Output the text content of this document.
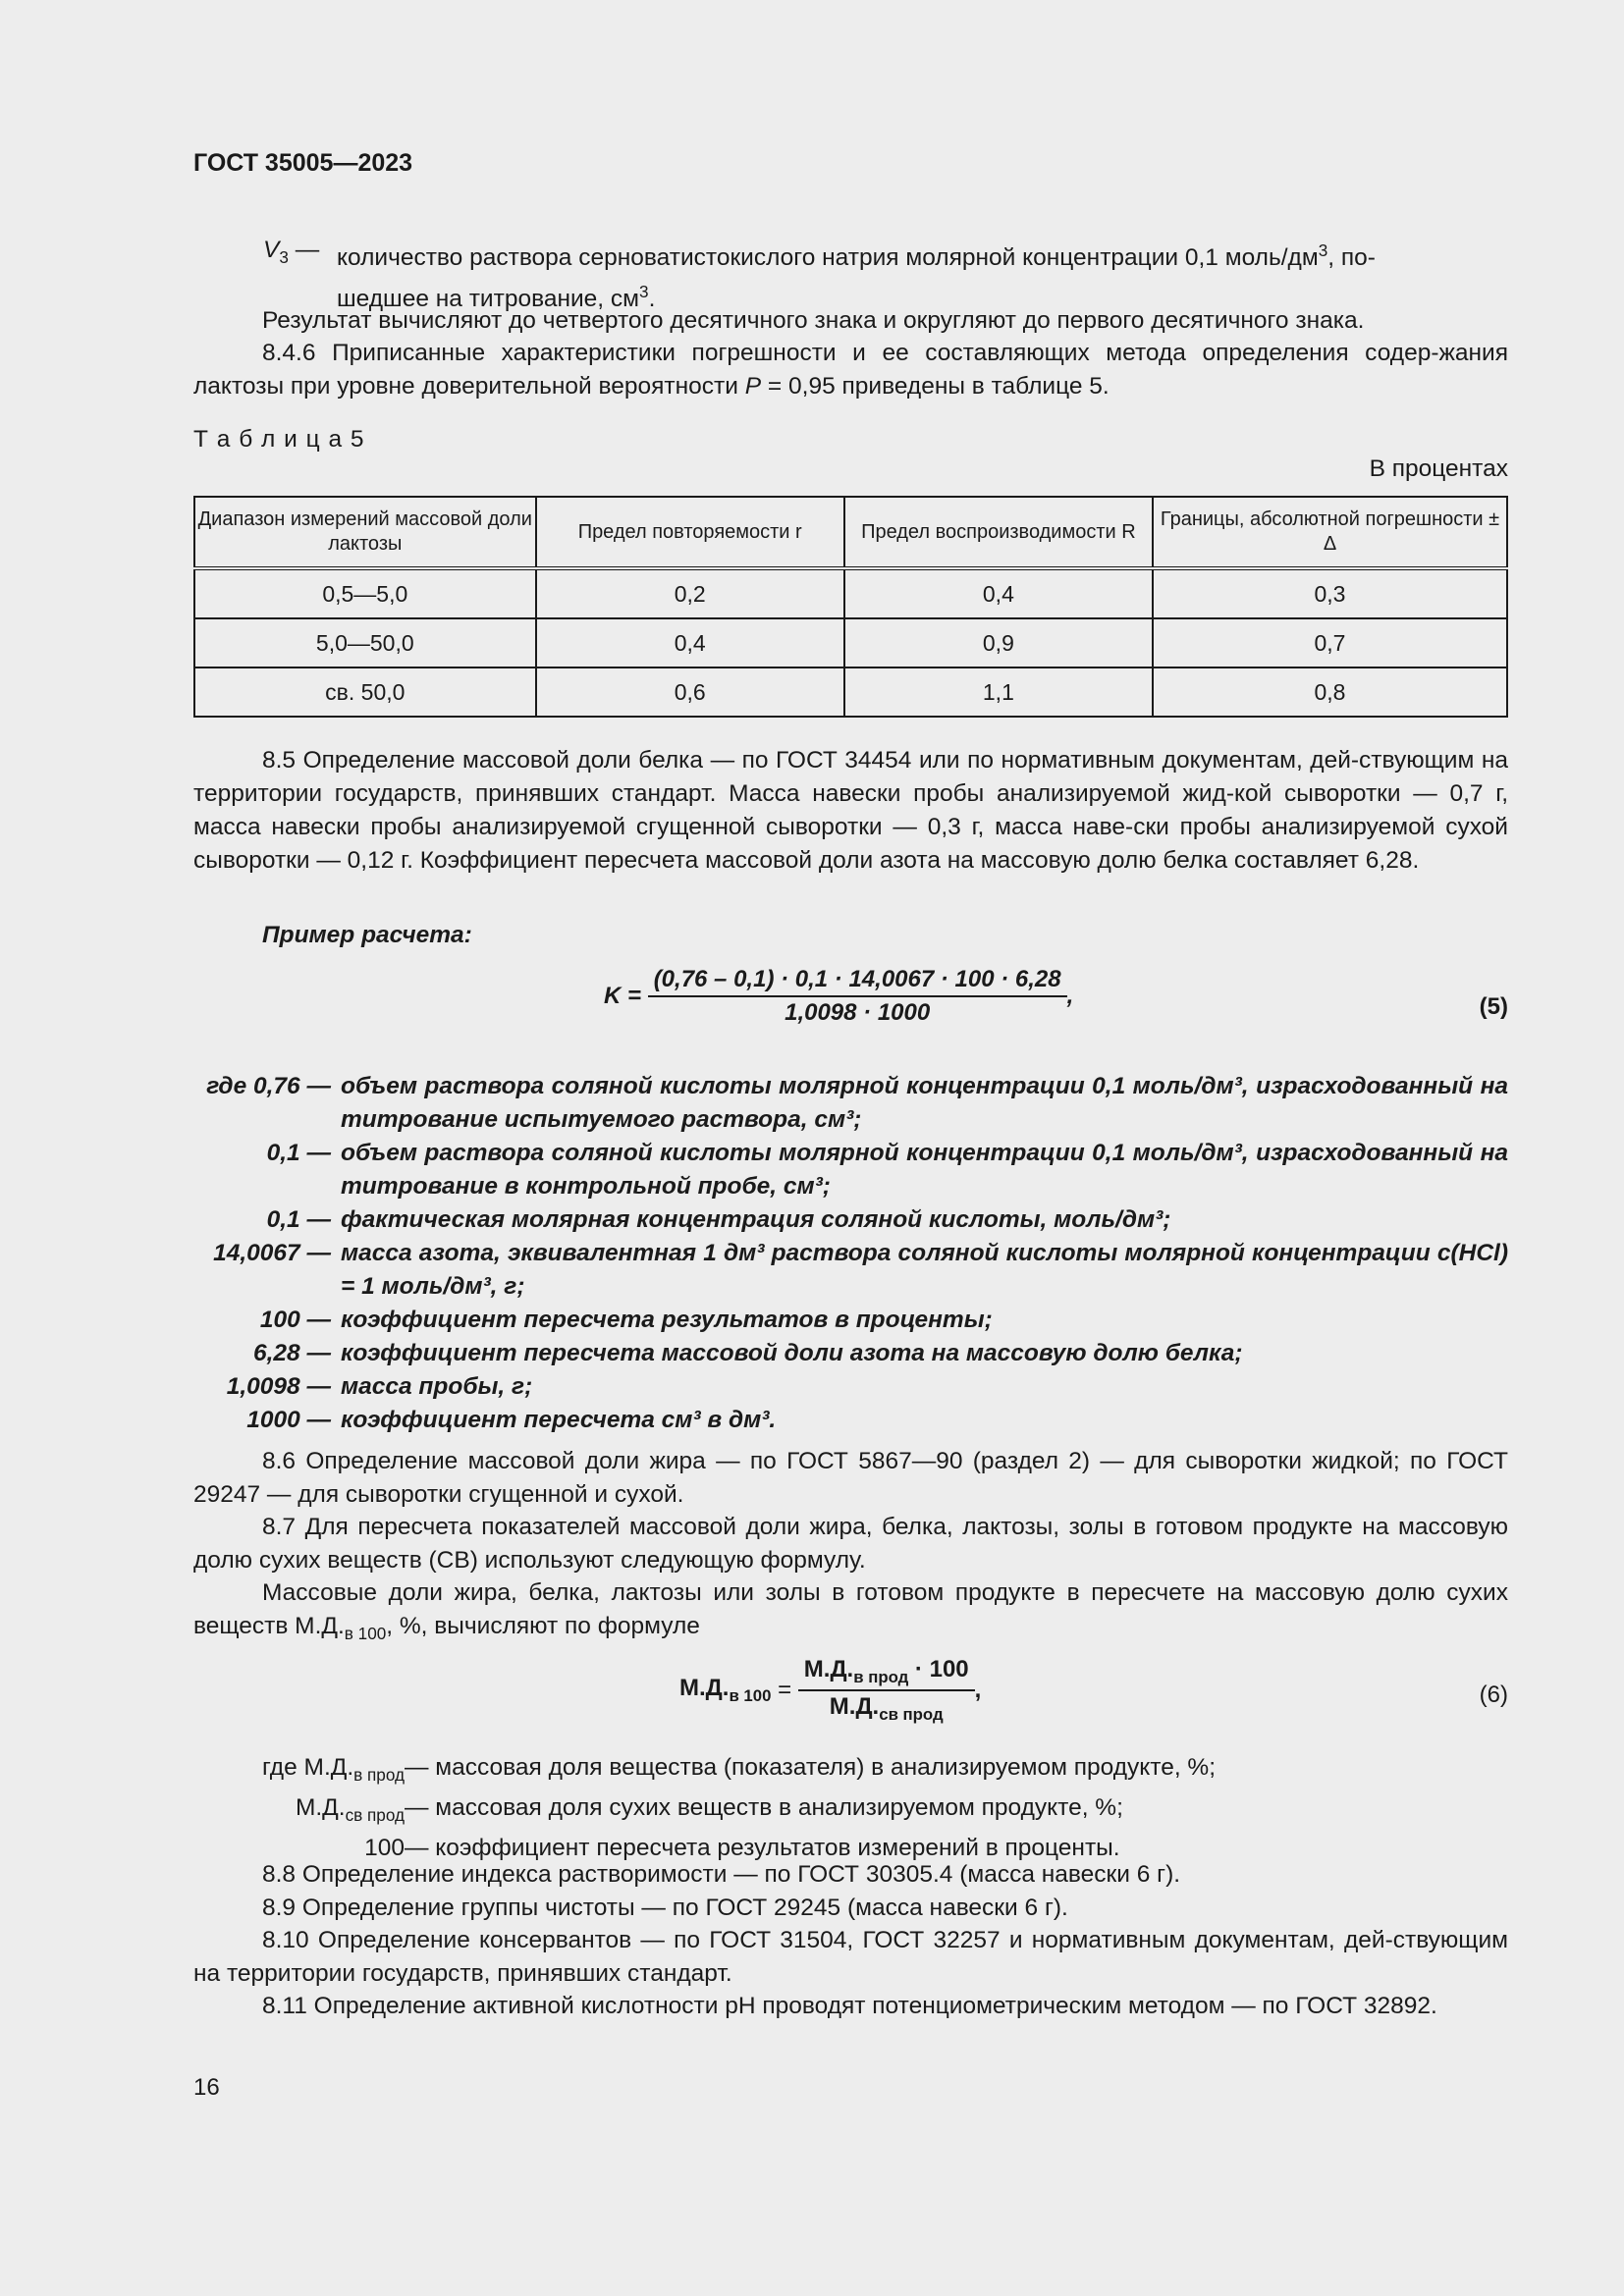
ГОСТ 35005—2023
$V_3$ — количество раствора серноватистокислого натрия молярной концентрации 0,1 моль/$дм^3$, по-
шедшее на титрование, $см^3$.
Результат вычисляют до четвертого десятичного знака и округляют до первого десятичного знака.
8.4.6 Приписанные характеристики погрешности и ее составляющих метода определения содер-жания лактозы при уровне доверительной вероятности P = 0,95 приведены в таблице 5.
Т а б л и ц а 5
В процентах
Диапазон измерений массовой доли лактозы	Предел повторяемости r	Предел воспроизводимости R	Границы, абсолютной погрешности ± Δ
0,5—5,0	0,2	0,4	0,3
5,0—50,0	0,4	0,9	0,7
св. 50,0	0,6	1,1	0,8
8.5 Определение массовой доли белка — по ГОСТ 34454 или по нормативным документам, дей-ствующим на территории государств, принявших стандарт. Масса навески пробы анализируемой жид-кой сыворотки — 0,7 г, масса навески пробы анализируемой сгущенной сыворотки — 0,3 г, масса наве-ски пробы анализируемой сухой сыворотки — 0,12 г. Коэффициент пересчета массовой доли азота на массовую долю белка составляет 6,28.
Пример расчета:
$K = \frac{(0,76 - 0,1) \cdot 0,1 \cdot 14,0067 \cdot 100 \cdot 6,28}{1,0098 \cdot 1000}$ ,	(5)
где 0,76 — объем раствора соляной кислоты молярной концентрации 0,1 моль/дм³, израсходованный на титрование испытуемого раствора, см³;
0,1 — объем раствора соляной кислоты молярной концентрации 0,1 моль/дм³, израсходованный на титрование в контрольной пробе, см³;
0,1 — фактическая молярная концентрация соляной кислоты, моль/дм³;
14,0067 — масса азота, эквивалентная 1 дм³ раствора соляной кислоты молярной концентрации c(HCl) = 1 моль/дм³, г;
100 — коэффициент пересчета результатов в проценты;
6,28 — коэффициент пересчета массовой доли азота на массовую долю белка;
1,0098 — масса пробы, г;
1000 — коэффициент пересчета см³ в дм³.
8.6 Определение массовой доли жира — по ГОСТ 5867—90 (раздел 2) — для сыворотки жидкой; по ГОСТ 29247 — для сыворотки сгущенной и сухой.
8.7 Для пересчета показателей массовой доли жира, белка, лактозы, золы в готовом продукте на массовую долю сухих веществ (СВ) используют следующую формулу.
Массовые доли жира, белка, лактозы или золы в готовом продукте в пересчете на массовую долю сухих веществ $М.Д._{в 100}$, %, вычисляют по формуле
$М.Д._{в 100} = \frac{М.Д._{в прод} \cdot 100}{М.Д._{св прод}}$ ,	(6)
где $М.Д._{в прод}$ — массовая доля вещества (показателя) в анализируемом продукте, %;
$М.Д._{св прод}$ — массовая доля сухих веществ в анализируемом продукте, %;
100 — коэффициент пересчета результатов измерений в проценты.
8.8 Определение индекса растворимости — по ГОСТ 30305.4 (масса навески 6 г).
8.9 Определение группы чистоты — по ГОСТ 29245 (масса навески 6 г).
8.10 Определение консервантов — по ГОСТ 31504, ГОСТ 32257 и нормативным документам, дей-ствующим на территории государств, принявших стандарт.
8.11 Определение активной кислотности pH проводят потенциометрическим методом — по ГОСТ 32892.
16
